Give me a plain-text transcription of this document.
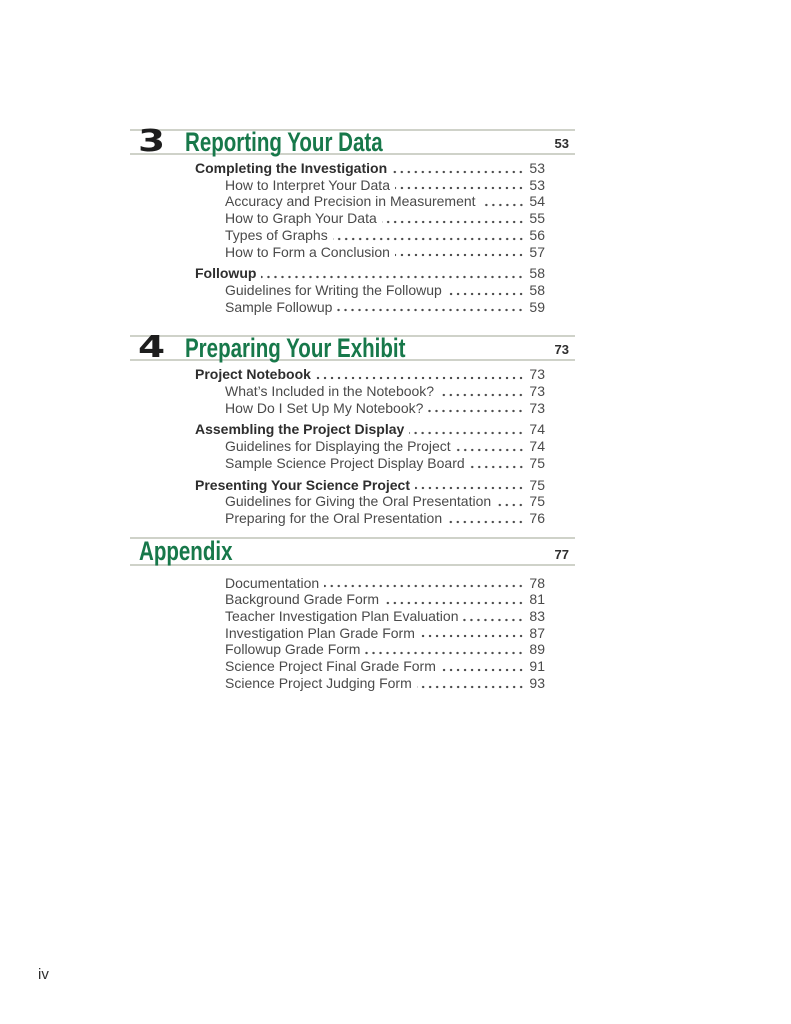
3 Reporting Your Data	53
Completing the Investigation	53
How to Interpret Your Data	53
Accuracy and Precision in Measurement	54
How to Graph Your Data	55
Types of Graphs	56
How to Form a Conclusion	57
Followup	58
Guidelines for Writing the Followup	58
Sample Followup	59
4 Preparing Your Exhibit	73
Project Notebook	73
What’s Included in the Notebook?	73
How Do I Set Up My Notebook?	73
Assembling the Project Display	74
Guidelines for Displaying the Project	74
Sample Science Project Display Board	75
Presenting Your Science Project	75
Guidelines for Giving the Oral Presentation	75
Preparing for the Oral Presentation	76
Appendix	77
Documentation	78
Background Grade Form	81
Teacher Investigation Plan Evaluation	83
Investigation Plan Grade Form	87
Followup Grade Form	89
Science Project Final Grade Form	91
Science Project Judging Form	93
iv
